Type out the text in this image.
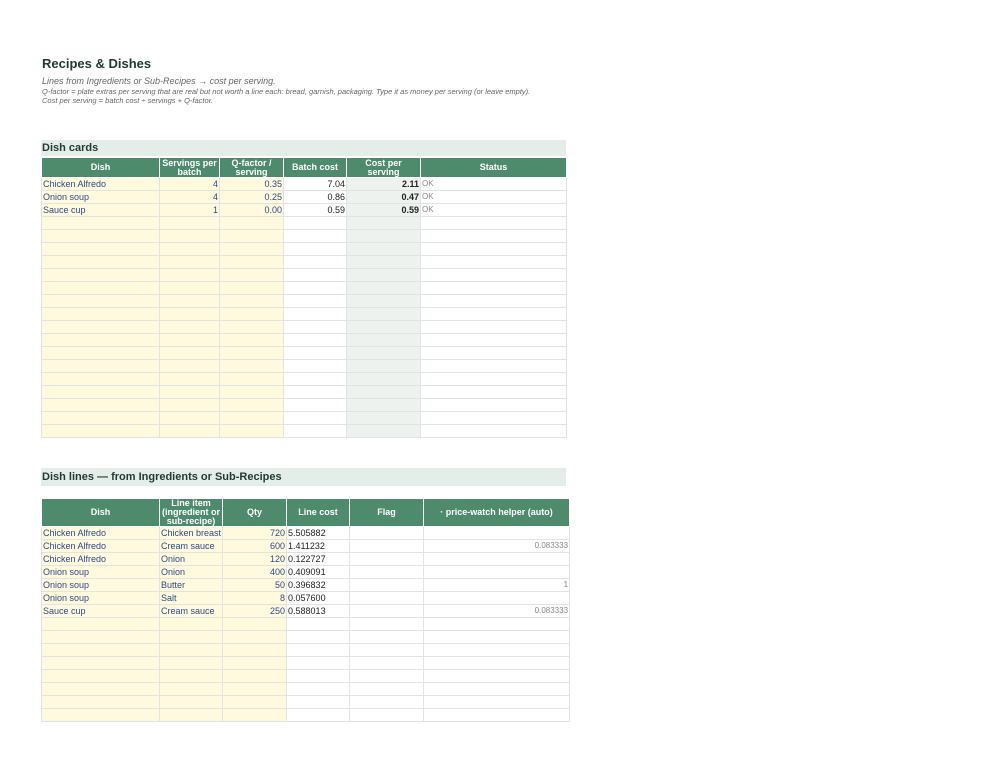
Recipes & Dishes
Lines from Ingredients or Sub-Recipes → cost per serving.
Q-factor = plate extras per serving that are real but not worth a line each: bread, garnish, packaging. Type it as money per serving (or leave empty).
Cost per serving = batch cost ÷ servings + Q-factor.
Dish cards
Dish	Servings per batch	Q-factor / serving	Batch cost	Cost per serving	Status
Chicken Alfredo	4	0.35	7.04	2.11	OK
Onion soup	4	0.25	0.86	0.47	OK
Sauce cup	1	0.00	0.59	0.59	OK

Dish lines — from Ingredients or Sub-Recipes
Dish	Line item (ingredient or sub-recipe)	Qty	Line cost	Flag	· price-watch helper (auto)
Chicken Alfredo	Chicken breast	720	5.505882		
Chicken Alfredo	Cream sauce	600	1.411232		0.083333
Chicken Alfredo	Onion	120	0.122727		
Onion soup	Onion	400	0.409091		
Onion soup	Butter	50	0.396832		1
Onion soup	Salt	8	0.057600		
Sauce cup	Cream sauce	250	0.588013		0.083333
